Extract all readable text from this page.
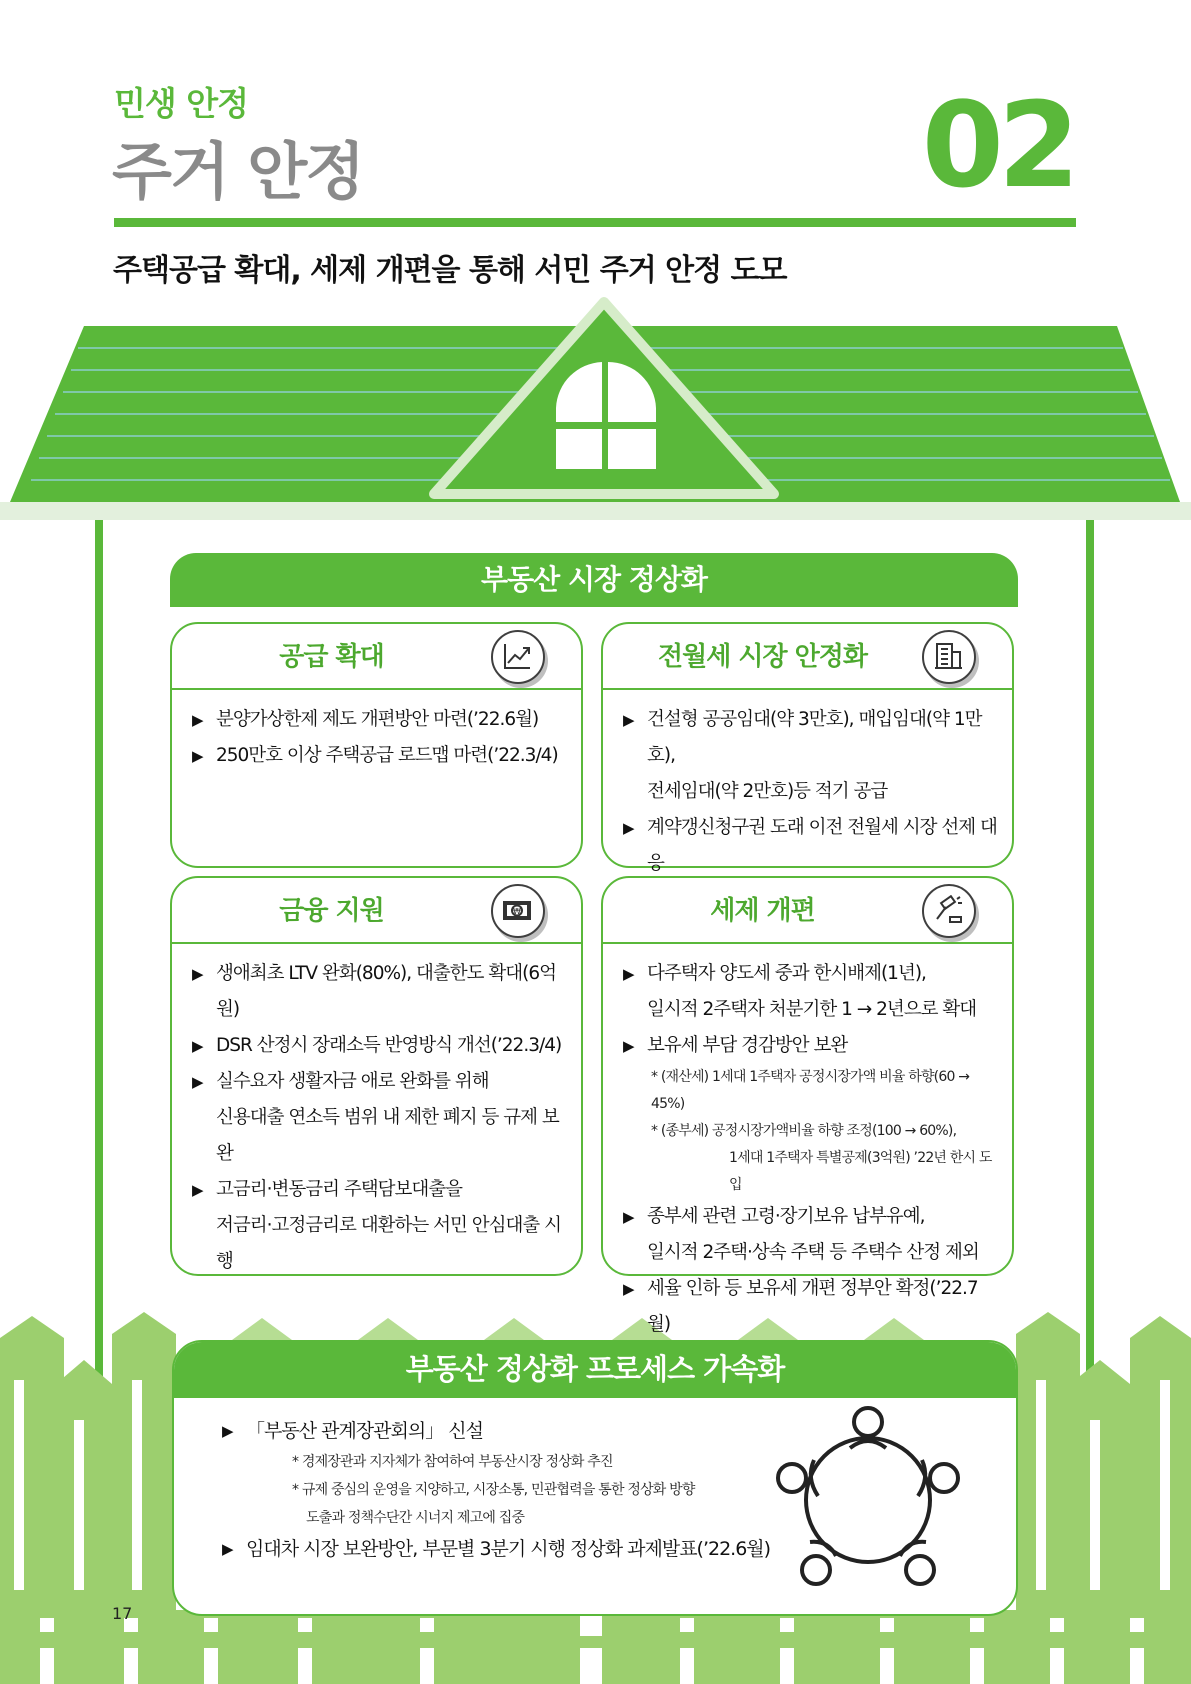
민생 안정
주거 안정	02
주택공급 확대, 세제 개편을 통해 서민 주거 안정 도모
부동산 시장 정상화
공급 확대
▶ 분양가상한제 제도 개편방안 마련(’22.6월)
▶ 250만호 이상 주택공급 로드맵 마련(’22.3/4)
전월세 시장 안정화
▶ 건설형 공공임대(약 3만호), 매입임대(약 1만호),
전세임대(약 2만호)등 적기 공급
▶ 계약갱신청구권 도래 이전 전월세 시장 선제 대응
금융 지원	₩
▶ 생애최초 LTV 완화(80%), 대출한도 확대(6억원)
▶ DSR 산정시 장래소득 반영방식 개선(’22.3/4)
▶ 실수요자 생활자금 애로 완화를 위해
신용대출 연소득 범위 내 제한 폐지 등 규제 보완
▶ 고금리·변동금리 주택담보대출을
저금리·고정금리로 대환하는 서민 안심대출 시행
세제 개편
▶ 다주택자 양도세 중과 한시배제(1년),
일시적 2주택자 처분기한 1 → 2년으로 확대
▶ 보유세 부담 경감방안 보완
* (재산세) 1세대 1주택자 공정시장가액 비율 하향(60 → 45%)
* (종부세) 공정시장가액비율 하향 조정(100 → 60%),
1세대 1주택자 특별공제(3억원) ’22년 한시 도입
▶ 종부세 관련 고령·장기보유 납부유예,
일시적 2주택·상속 주택 등 주택수 산정 제외
▶ 세율 인하 등 보유세 개편 정부안 확정(’22.7월)
부동산 정상화 프로세스 가속화
▶ 「부동산 관계장관회의」 신설
* 경제장관과 지자체가 참여하여 부동산시장 정상화 추진
* 규제 중심의 운영을 지양하고, 시장소통, 민관협력을 통한 정상화 방향
도출과 정책수단간 시너지 제고에 집중
▶ 임대차 시장 보완방안, 부문별 3분기 시행 정상화 과제발표(’22.6월)
17
